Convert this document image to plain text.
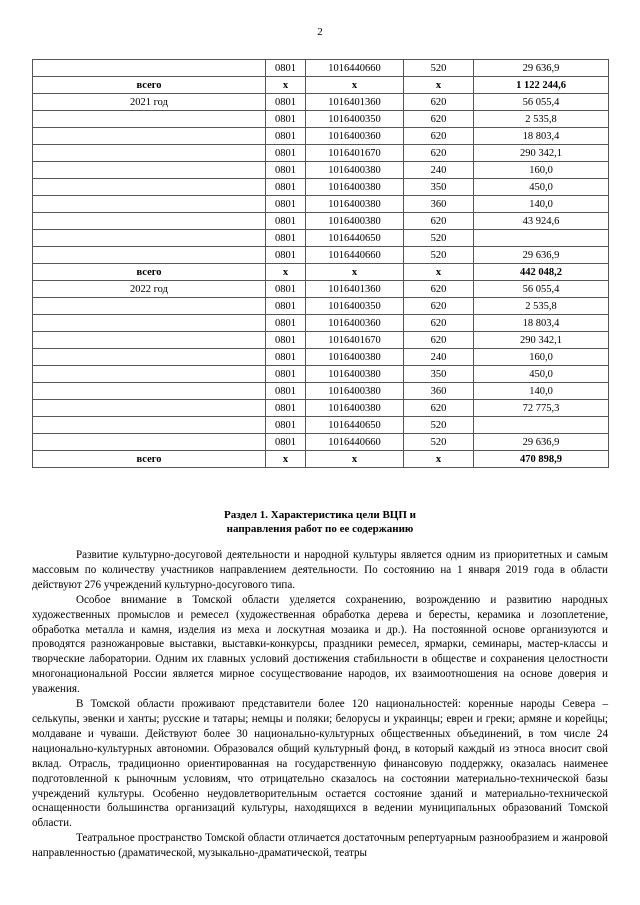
2
	0801	1016440660	520	29 636,9
всего	x	x	x	1 122 244,6
2021 год	0801	1016401360	620	56 055,4
	0801	1016400350	620	2 535,8
	0801	1016400360	620	18 803,4
	0801	1016401670	620	290 342,1
	0801	1016400380	240	160,0
	0801	1016400380	350	450,0
	0801	1016400380	360	140,0
	0801	1016400380	620	43 924,6
	0801	1016440650	520	
	0801	1016440660	520	29 636,9
всего	x	x	x	442 048,2
2022 год	0801	1016401360	620	56 055,4
	0801	1016400350	620	2 535,8
	0801	1016400360	620	18 803,4
	0801	1016401670	620	290 342,1
	0801	1016400380	240	160,0
	0801	1016400380	350	450,0
	0801	1016400380	360	140,0
	0801	1016400380	620	72 775,3
	0801	1016440650	520	
	0801	1016440660	520	29 636,9
всего	x	x	x	470 898,9
Раздел 1. Характеристика цели ВЦП и
направления работ по ее содержанию

Развитие культурно-досуговой деятельности и народной культуры является одним из приоритетных и самым массовым по количеству участников направлением деятельности. По состоянию на 1 января 2019 года в области действуют 276 учреждений культурно-досугового типа.

Особое внимание в Томской области уделяется сохранению, возрождению и развитию народных художественных промыслов и ремесел (художественная обработка дерева и бересты, керамика и лозоплетение, обработка металла и камня, изделия из меха и лоскутная мозаика и др.). На постоянной основе организуются и проводятся разножанровые выставки, выставки-конкурсы, праздники ремесел, ярмарки, семинары, мастер-классы и творческие лаборатории. Одним их главных условий достижения стабильности в обществе и сохранения целостности многонациональной России является мирное сосуществование народов, их взаимоотношения на основе доверия и уважения.

В Томской области проживают представители более 120 национальностей: коренные народы Севера – селькупы, эвенки и ханты; русские и татары; немцы и поляки; белорусы и украинцы; евреи и греки; армяне и корейцы; молдаване и чуваши. Действуют более 30 национально-культурных общественных объединений, в том числе 24 национально-культурных автономии. Образовался общий культурный фонд, в который каждый из этноса вносит свой вклад. Отрасль, традиционно ориентированная на государственную финансовую поддержку, оказалась наименее подготовленной к рыночным условиям, что отрицательно сказалось на состоянии материально-технической базы учреждений культуры. Особенно неудовлетворительным остается состояние зданий и материально-технической оснащенности большинства организаций культуры, находящихся в ведении муниципальных образований Томской области.

Театральное пространство Томской области отличается достаточным репертуарным разнообразием и жанровой направленностью (драматической, музыкально-драматической, театры
